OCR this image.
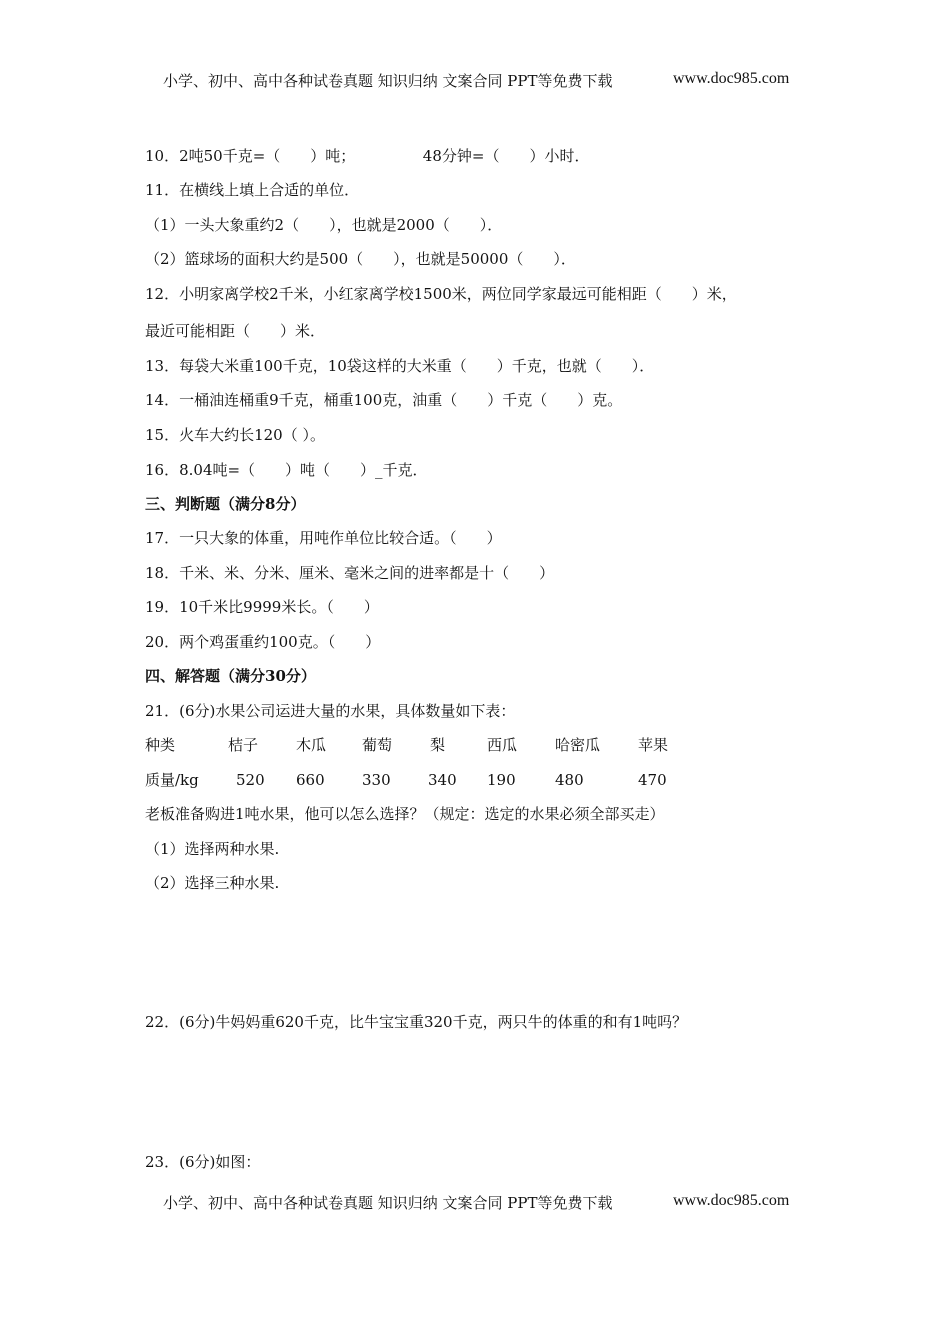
小学、初中、高中各种试卷真题 知识归纳 文案合同 PPT等免费下载	www.doc985.com
10．2吨50千克=（　　）吨；　　　　　48分钟=（　　）小时．
11．在横线上填上合适的单位．
（1）一头大象重约2（　　），也就是2000（　　）．
（2）篮球场的面积大约是500（　　），也就是50000（　　）．
12．小明家离学校2千米，小红家离学校1500米，两位同学家最远可能相距（　　）米，
最近可能相距（　　）米．
13．每袋大米重100千克，10袋这样的大米重（　　）千克，也就（　　）．
14．一桶油连桶重9千克，桶重100克，油重（　　）千克（　　）克。
15．火车大约长120（ ）。
16．8.04吨=（　　）吨（　　）_千克．
三、判断题（满分8分）
17．一只大象的体重，用吨作单位比较合适。（　　）
18．千米、米、分米、厘米、毫米之间的进率都是十（　　）
19．10千米比9999米长。（　　）
20．两个鸡蛋重约100克。（　　）
四、解答题（满分30分）
21．(6分)水果公司运进大量的水果，具体数量如下表：
种类	桔子	木瓜 葡萄	梨	西瓜	哈密瓜	苹果
质量/kg 520 660 330 340 190	480	470
老板准备购进1吨水果，他可以怎么选择？（规定：选定的水果必须全部买走）
（1）选择两种水果.
（2）选择三种水果.
22．(6分)牛妈妈重620千克，比牛宝宝重320千克，两只牛的体重的和有1吨吗？
23．(6分)如图：
小学、初中、高中各种试卷真题 知识归纳 文案合同 PPT等免费下载	www.doc985.com
